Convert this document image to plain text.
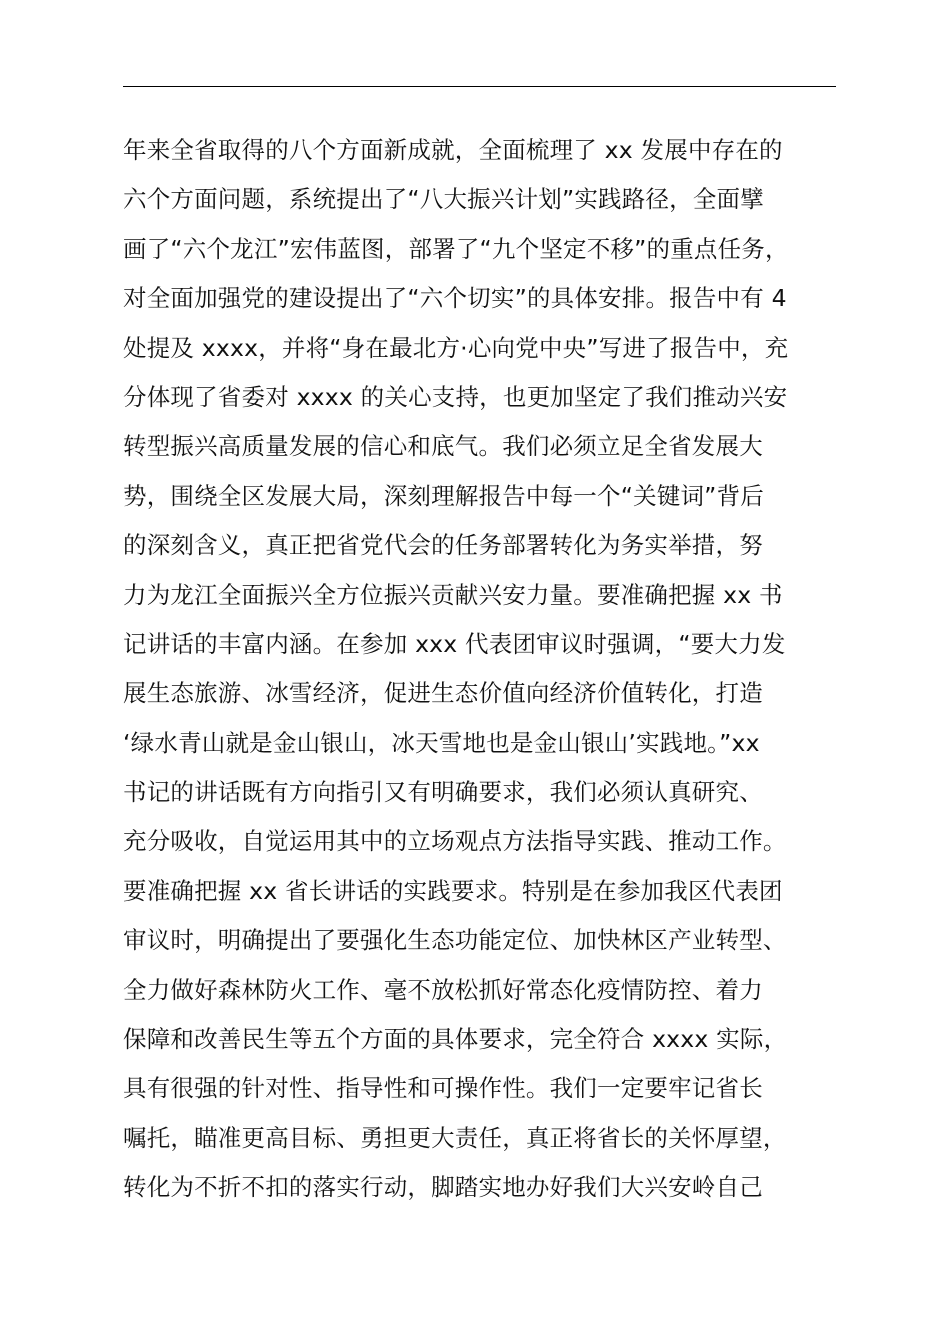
年来全省取得的八个方面新成就，全面梳理了 xx 发展中存在的
六个方面问题，系统提出了“八大振兴计划”实践路径，全面擘
画了“六个龙江”宏伟蓝图，部署了“九个坚定不移”的重点任务，
对全面加强党的建设提出了“六个切实”的具体安排。报告中有 4
处提及 xxxx，并将“身在最北方·心向党中央”写进了报告中，充
分体现了省委对 xxxx 的关心支持，也更加坚定了我们推动兴安
转型振兴高质量发展的信心和底气。我们必须立足全省发展大
势，围绕全区发展大局，深刻理解报告中每一个“关键词”背后
的深刻含义，真正把省党代会的任务部署转化为务实举措，努
力为龙江全面振兴全方位振兴贡献兴安力量。要准确把握 xx 书
记讲话的丰富内涵。在参加 xxx 代表团审议时强调，“要大力发
展生态旅游、冰雪经济，促进生态价值向经济价值转化，打造
‘绿水青山就是金山银山，冰天雪地也是金山银山’实践地。”xx
书记的讲话既有方向指引又有明确要求，我们必须认真研究、
充分吸收，自觉运用其中的立场观点方法指导实践、推动工作。
要准确把握 xx 省长讲话的实践要求。特别是在参加我区代表团
审议时，明确提出了要强化生态功能定位、加快林区产业转型、
全力做好森林防火工作、毫不放松抓好常态化疫情防控、着力
保障和改善民生等五个方面的具体要求，完全符合 xxxx 实际，
具有很强的针对性、指导性和可操作性。我们一定要牢记省长
嘱托，瞄准更高目标、勇担更大责任，真正将省长的关怀厚望，
转化为不折不扣的落实行动，脚踏实地办好我们大兴安岭自己
